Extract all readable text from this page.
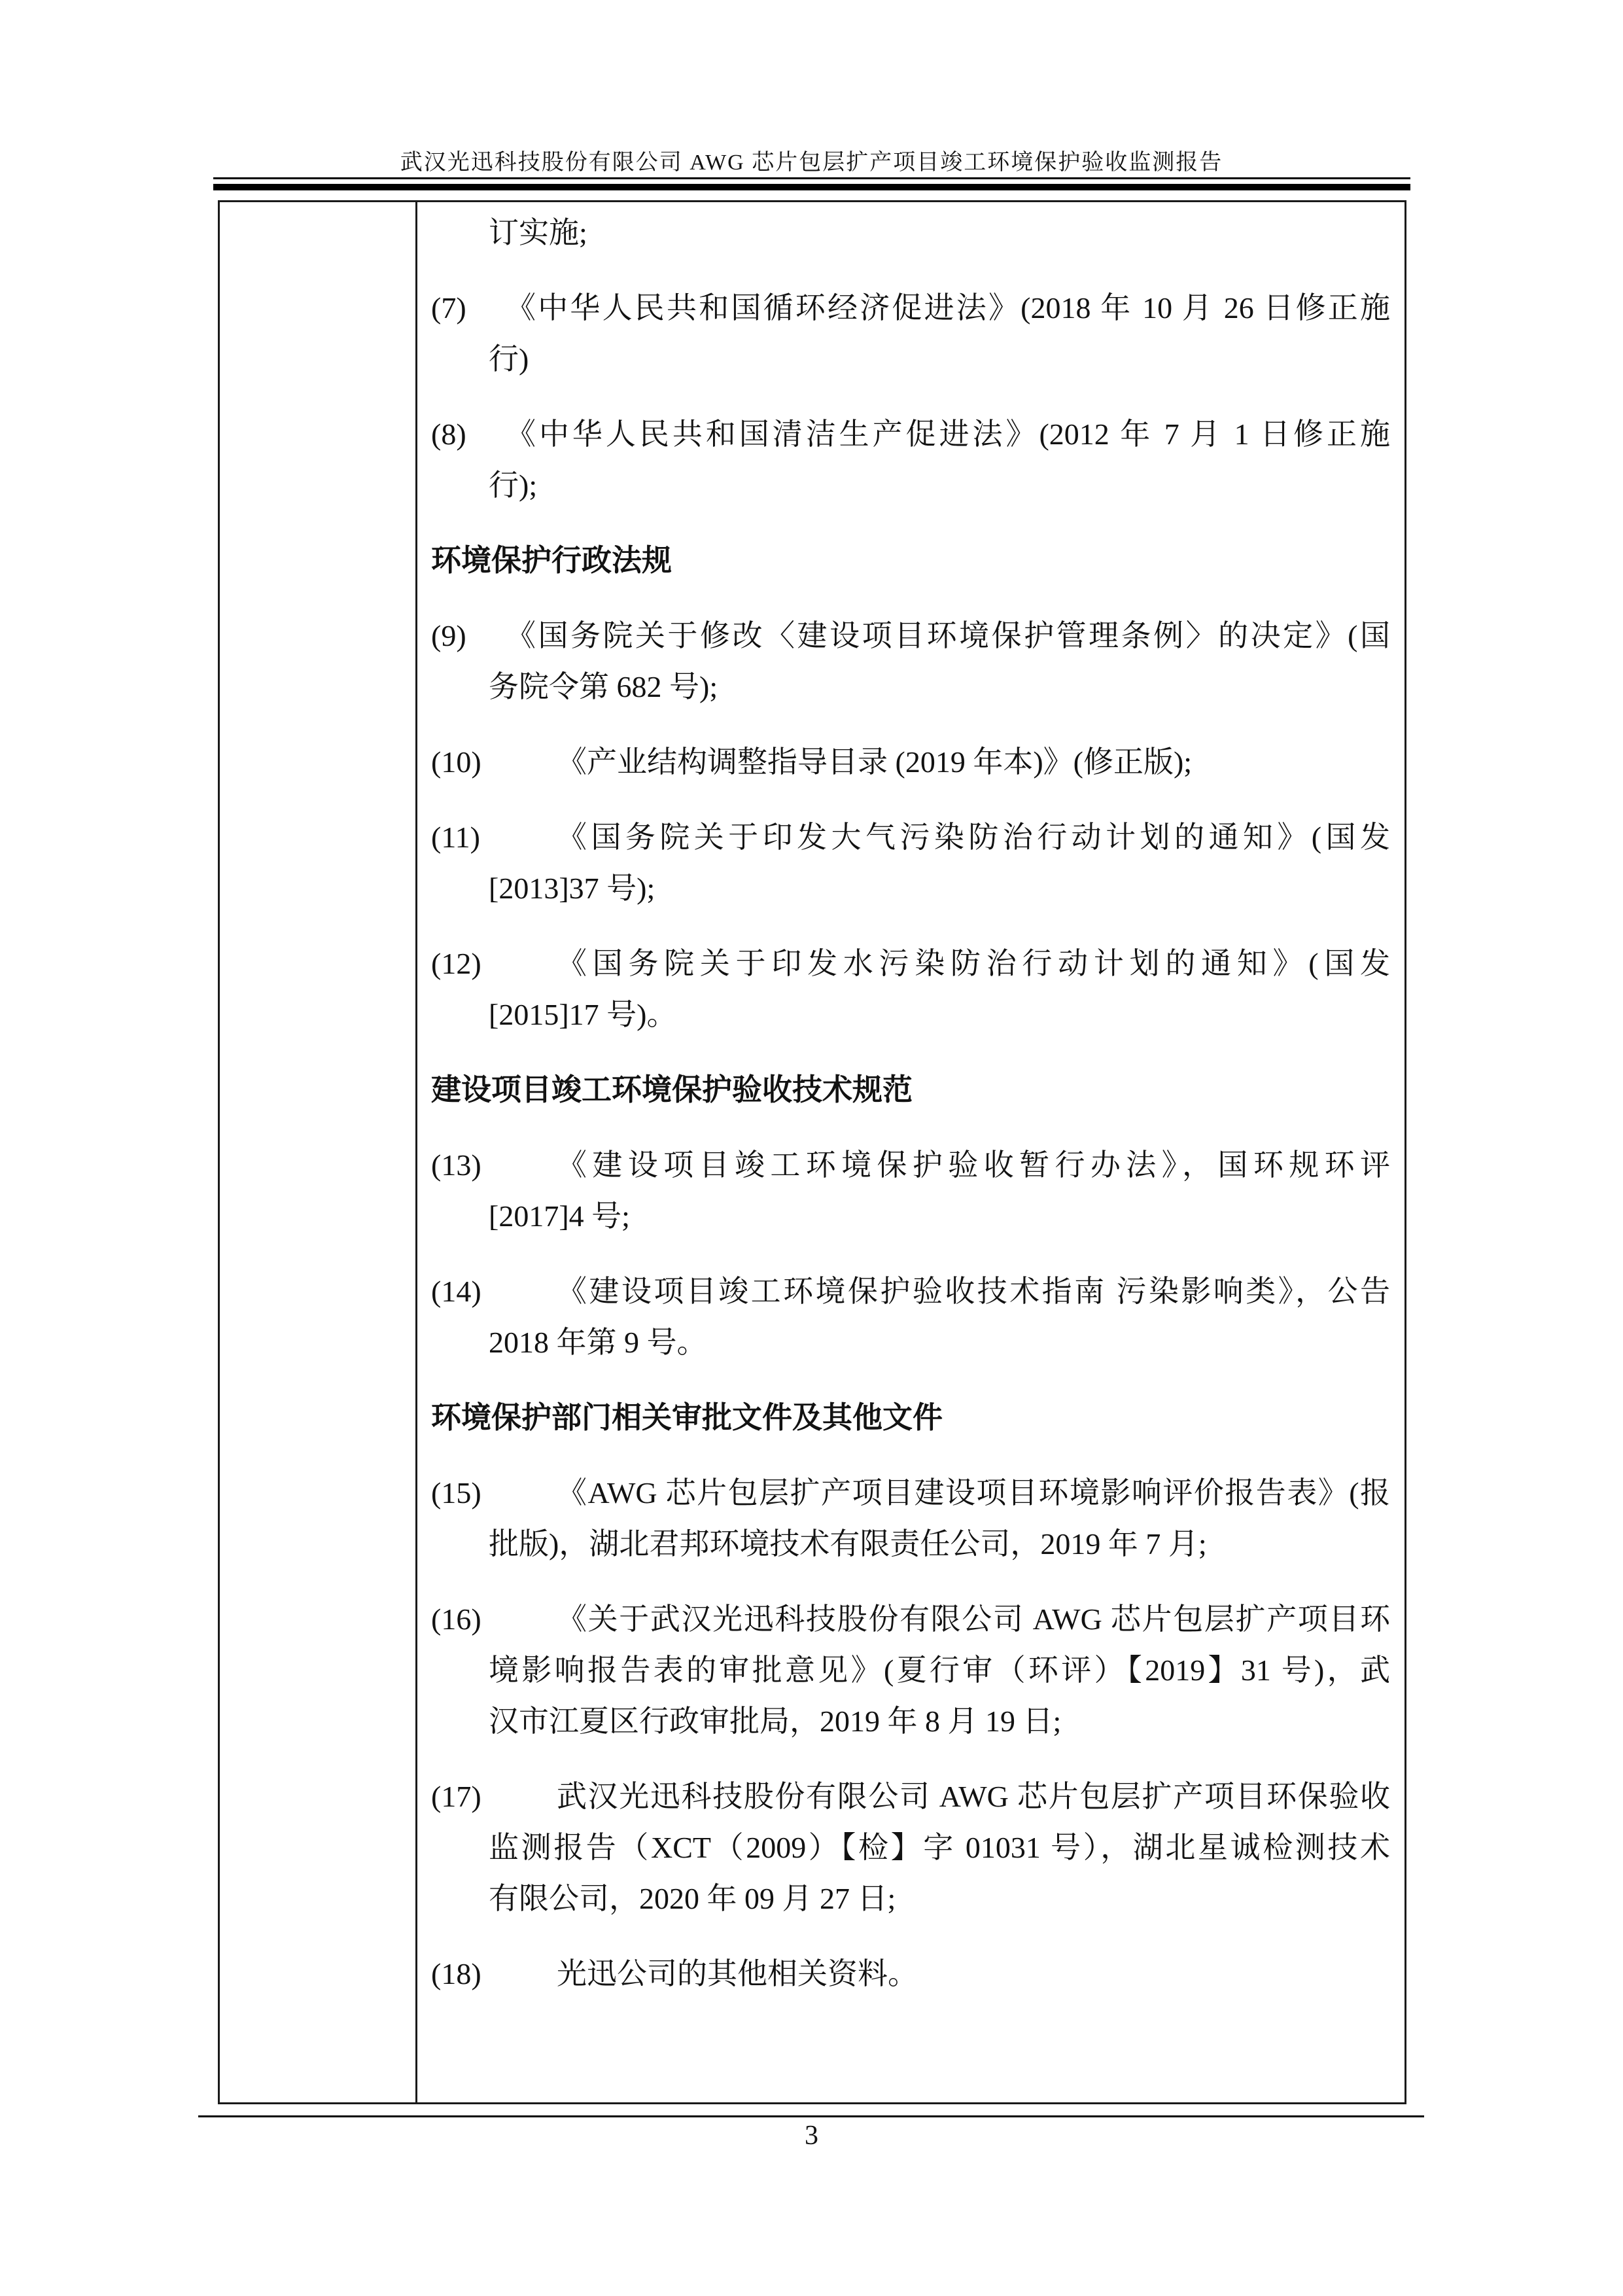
武汉光迅科技股份有限公司 AWG 芯片包层扩产项目竣工环境保护验收监测报告
订实施;
(7)	《中华人民共和国循环经济促进法》(2018 年 10 月 26 日修正施
行)
(8)	《中华人民共和国清洁生产促进法》(2012 年 7 月 1 日修正施
行);
环境保护行政法规
(9)	《国务院关于修改〈建设项目环境保护管理条例〉的决定》(国
务院令第 682 号);
(10)	《产业结构调整指导目录 (2019 年本)》(修正版);
(11)	《国务院关于印发大气污染防治行动计划的通知》(国发
[2013]37 号);
(12)	《国务院关于印发水污染防治行动计划的通知》(国发
[2015]17 号)。
建设项目竣工环境保护验收技术规范
(13)	《建设项目竣工环境保护验收暂行办法》，国环规环评
[2017]4 号;
(14)	《建设项目竣工环境保护验收技术指南 污染影响类》，公告
2018 年第 9 号。
环境保护部门相关审批文件及其他文件
(15)	《AWG 芯片包层扩产项目建设项目环境影响评价报告表》(报
批版)，湖北君邦环境技术有限责任公司，2019 年 7 月;
(16)	《关于武汉光迅科技股份有限公司 AWG 芯片包层扩产项目环
境影响报告表的审批意见》(夏行审（环评）【2019】31 号)，武
汉市江夏区行政审批局，2019 年 8 月 19 日;
(17)	武汉光迅科技股份有限公司 AWG 芯片包层扩产项目环保验收
监测报告（XCT（2009）【检】字 01031 号），湖北星诚检测技术
有限公司，2020 年 09 月 27 日;
(18)	光迅公司的其他相关资料。
3
